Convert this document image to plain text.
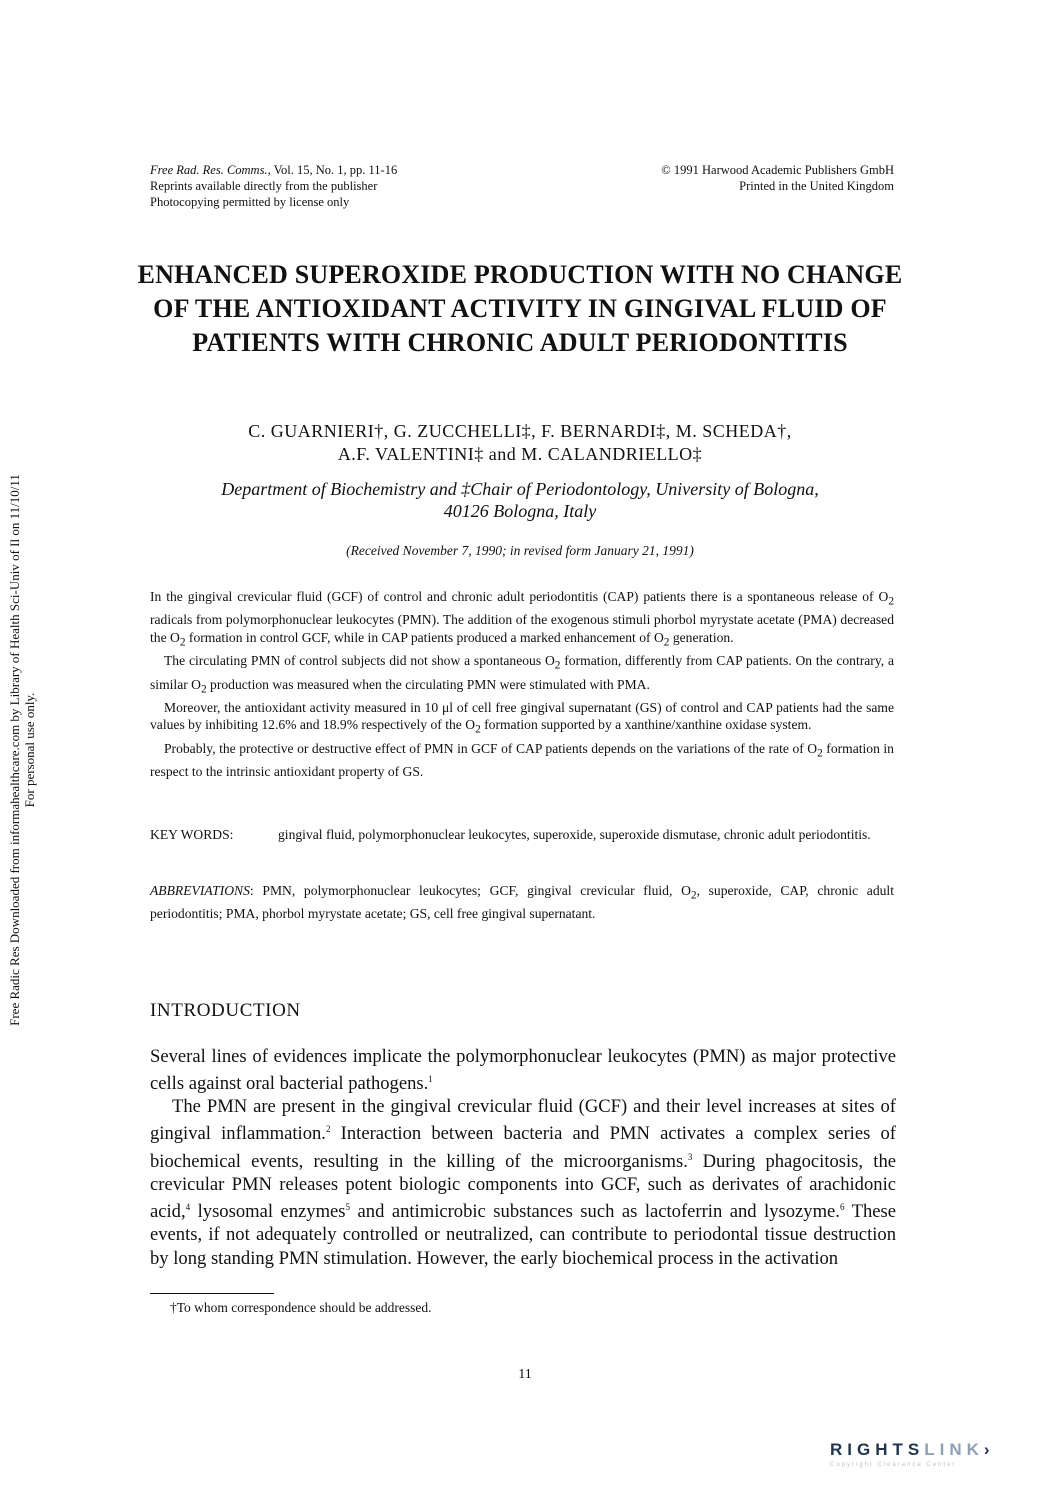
Free Rad. Res. Comms., Vol. 15, No. 1, pp. 11-16
Reprints available directly from the publisher
Photocopying permitted by license only
© 1991 Harwood Academic Publishers GmbH
Printed in the United Kingdom
ENHANCED SUPEROXIDE PRODUCTION WITH NO CHANGE OF THE ANTIOXIDANT ACTIVITY IN GINGIVAL FLUID OF PATIENTS WITH CHRONIC ADULT PERIODONTITIS
C. GUARNIERI†, G. ZUCCHELLI‡, F. BERNARDI‡, M. SCHEDA†,
A.F. VALENTINI‡ and M. CALANDRIELLO‡
Department of Biochemistry and ‡Chair of Periodontology, University of Bologna,
40126 Bologna, Italy
(Received November 7, 1990; in revised form January 21, 1991)

In the gingival crevicular fluid (GCF) of control and chronic adult periodontitis (CAP) patients there is a spontaneous release of $O_2$ radicals from polymorphonuclear leukocytes (PMN). The addition of the exogenous stimuli phorbol myrystate acetate (PMA) decreased the $O_2$ formation in control GCF, while in CAP patients produced a marked enhancement of $O_2$ generation.

The circulating PMN of control subjects did not show a spontaneous $O_2$ formation, differently from CAP patients. On the contrary, a similar $O_2$ production was measured when the circulating PMN were stimulated with PMA.

Moreover, the antioxidant activity measured in 10 μl of cell free gingival supernatant (GS) of control and CAP patients had the same values by inhibiting 12.6% and 18.9% respectively of the $O_2$ formation supported by a xanthine/xanthine oxidase system.

Probably, the protective or destructive effect of PMN in GCF of CAP patients depends on the variations of the rate of $O_2$ formation in respect to the intrinsic antioxidant property of GS.

KEY WORDS:	gingival fluid, polymorphonuclear leukocytes, superoxide, superoxide dismutase, chronic adult periodontitis.
ABBREVIATIONS: PMN, polymorphonuclear leukocytes; GCF, gingival crevicular fluid, $O_2$, superoxide, CAP, chronic adult periodontitis; PMA, phorbol myrystate acetate; GS, cell free gingival supernatant.
INTRODUCTION

Several lines of evidences implicate the polymorphonuclear leukocytes (PMN) as major protective cells against oral bacterial pathogens.$^1$

The PMN are present in the gingival crevicular fluid (GCF) and their level increases at sites of gingival inflammation.$^2$ Interaction between bacteria and PMN activates a complex series of biochemical events, resulting in the killing of the microorganisms.$^3$ During phagocitosis, the crevicular PMN releases potent biologic components into GCF, such as derivates of arachidonic acid,$^4$ lysosomal enzymes$^5$ and antimicrobic substances such as lactoferrin and lysozyme.$^6$ These events, if not adequately controlled or neutralized, can contribute to periodontal tissue destruction by long standing PMN stimulation. However, the early biochemical process in the activation

†To whom correspondence should be addressed.
11
Free Radic Res Downloaded from informahealthcare.com by Library of Health Sci-Univ of Il on 11/10/11 For personal use only.
RIGHTSLINK›
Copyright Clearance Center
